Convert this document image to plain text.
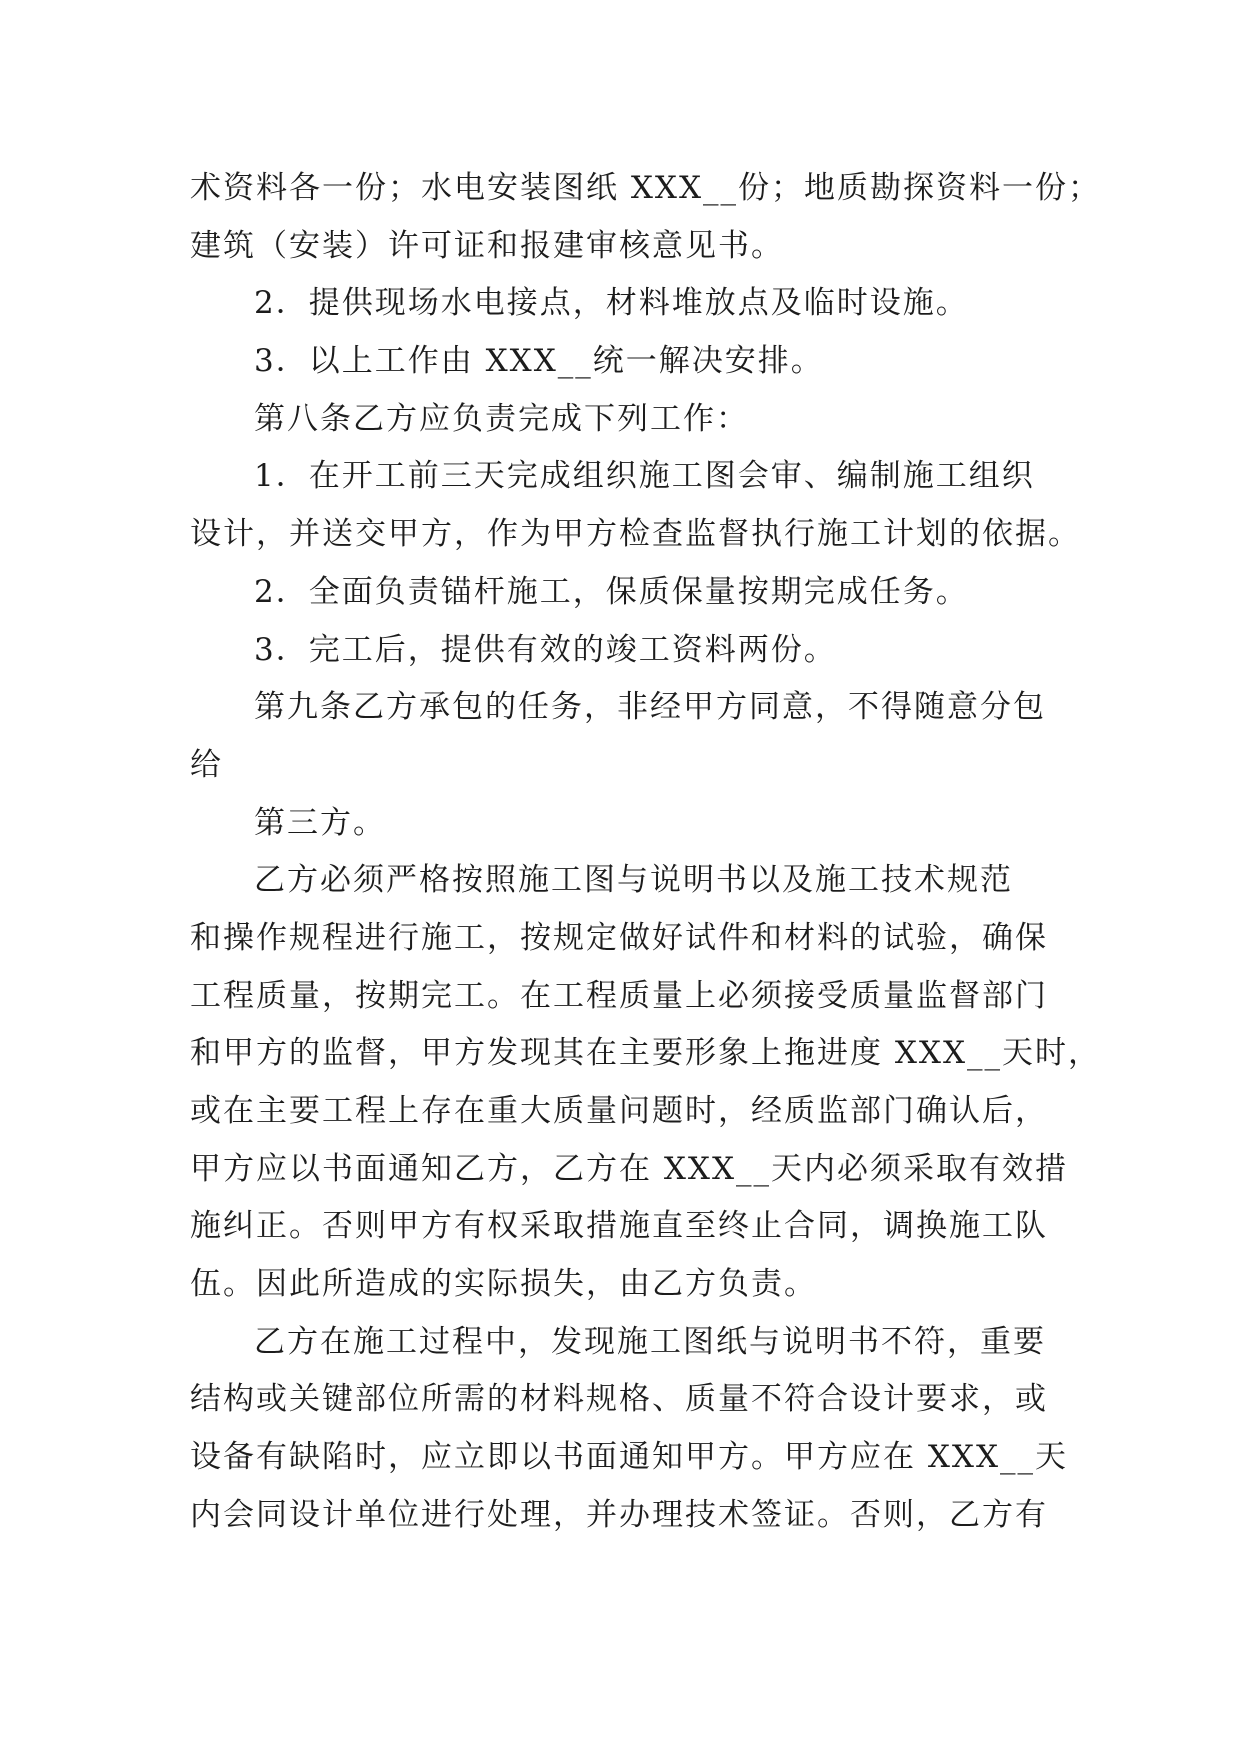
术资料各一份；水电安装图纸 XXX__份；地质勘探资料一份；
建筑（安装）许可证和报建审核意见书。
2．提供现场水电接点，材料堆放点及临时设施。
3．以上工作由 XXX__统一解决安排。
第八条乙方应负责完成下列工作：
1．在开工前三天完成组织施工图会审、编制施工组织
设计，并送交甲方，作为甲方检查监督执行施工计划的依据。
2．全面负责锚杆施工，保质保量按期完成任务。
3．完工后，提供有效的竣工资料两份。
第九条乙方承包的任务，非经甲方同意，不得随意分包
给
第三方。
乙方必须严格按照施工图与说明书以及施工技术规范
和操作规程进行施工，按规定做好试件和材料的试验，确保
工程质量，按期完工。在工程质量上必须接受质量监督部门
和甲方的监督，甲方发现其在主要形象上拖进度 XXX__天时，
或在主要工程上存在重大质量问题时，经质监部门确认后，
甲方应以书面通知乙方，乙方在 XXX__天内必须采取有效措
施纠正。否则甲方有权采取措施直至终止合同，调换施工队
伍。因此所造成的实际损失，由乙方负责。
乙方在施工过程中，发现施工图纸与说明书不符，重要
结构或关键部位所需的材料规格、质量不符合设计要求，或
设备有缺陷时，应立即以书面通知甲方。甲方应在 XXX__天
内会同设计单位进行处理，并办理技术签证。否则，乙方有
